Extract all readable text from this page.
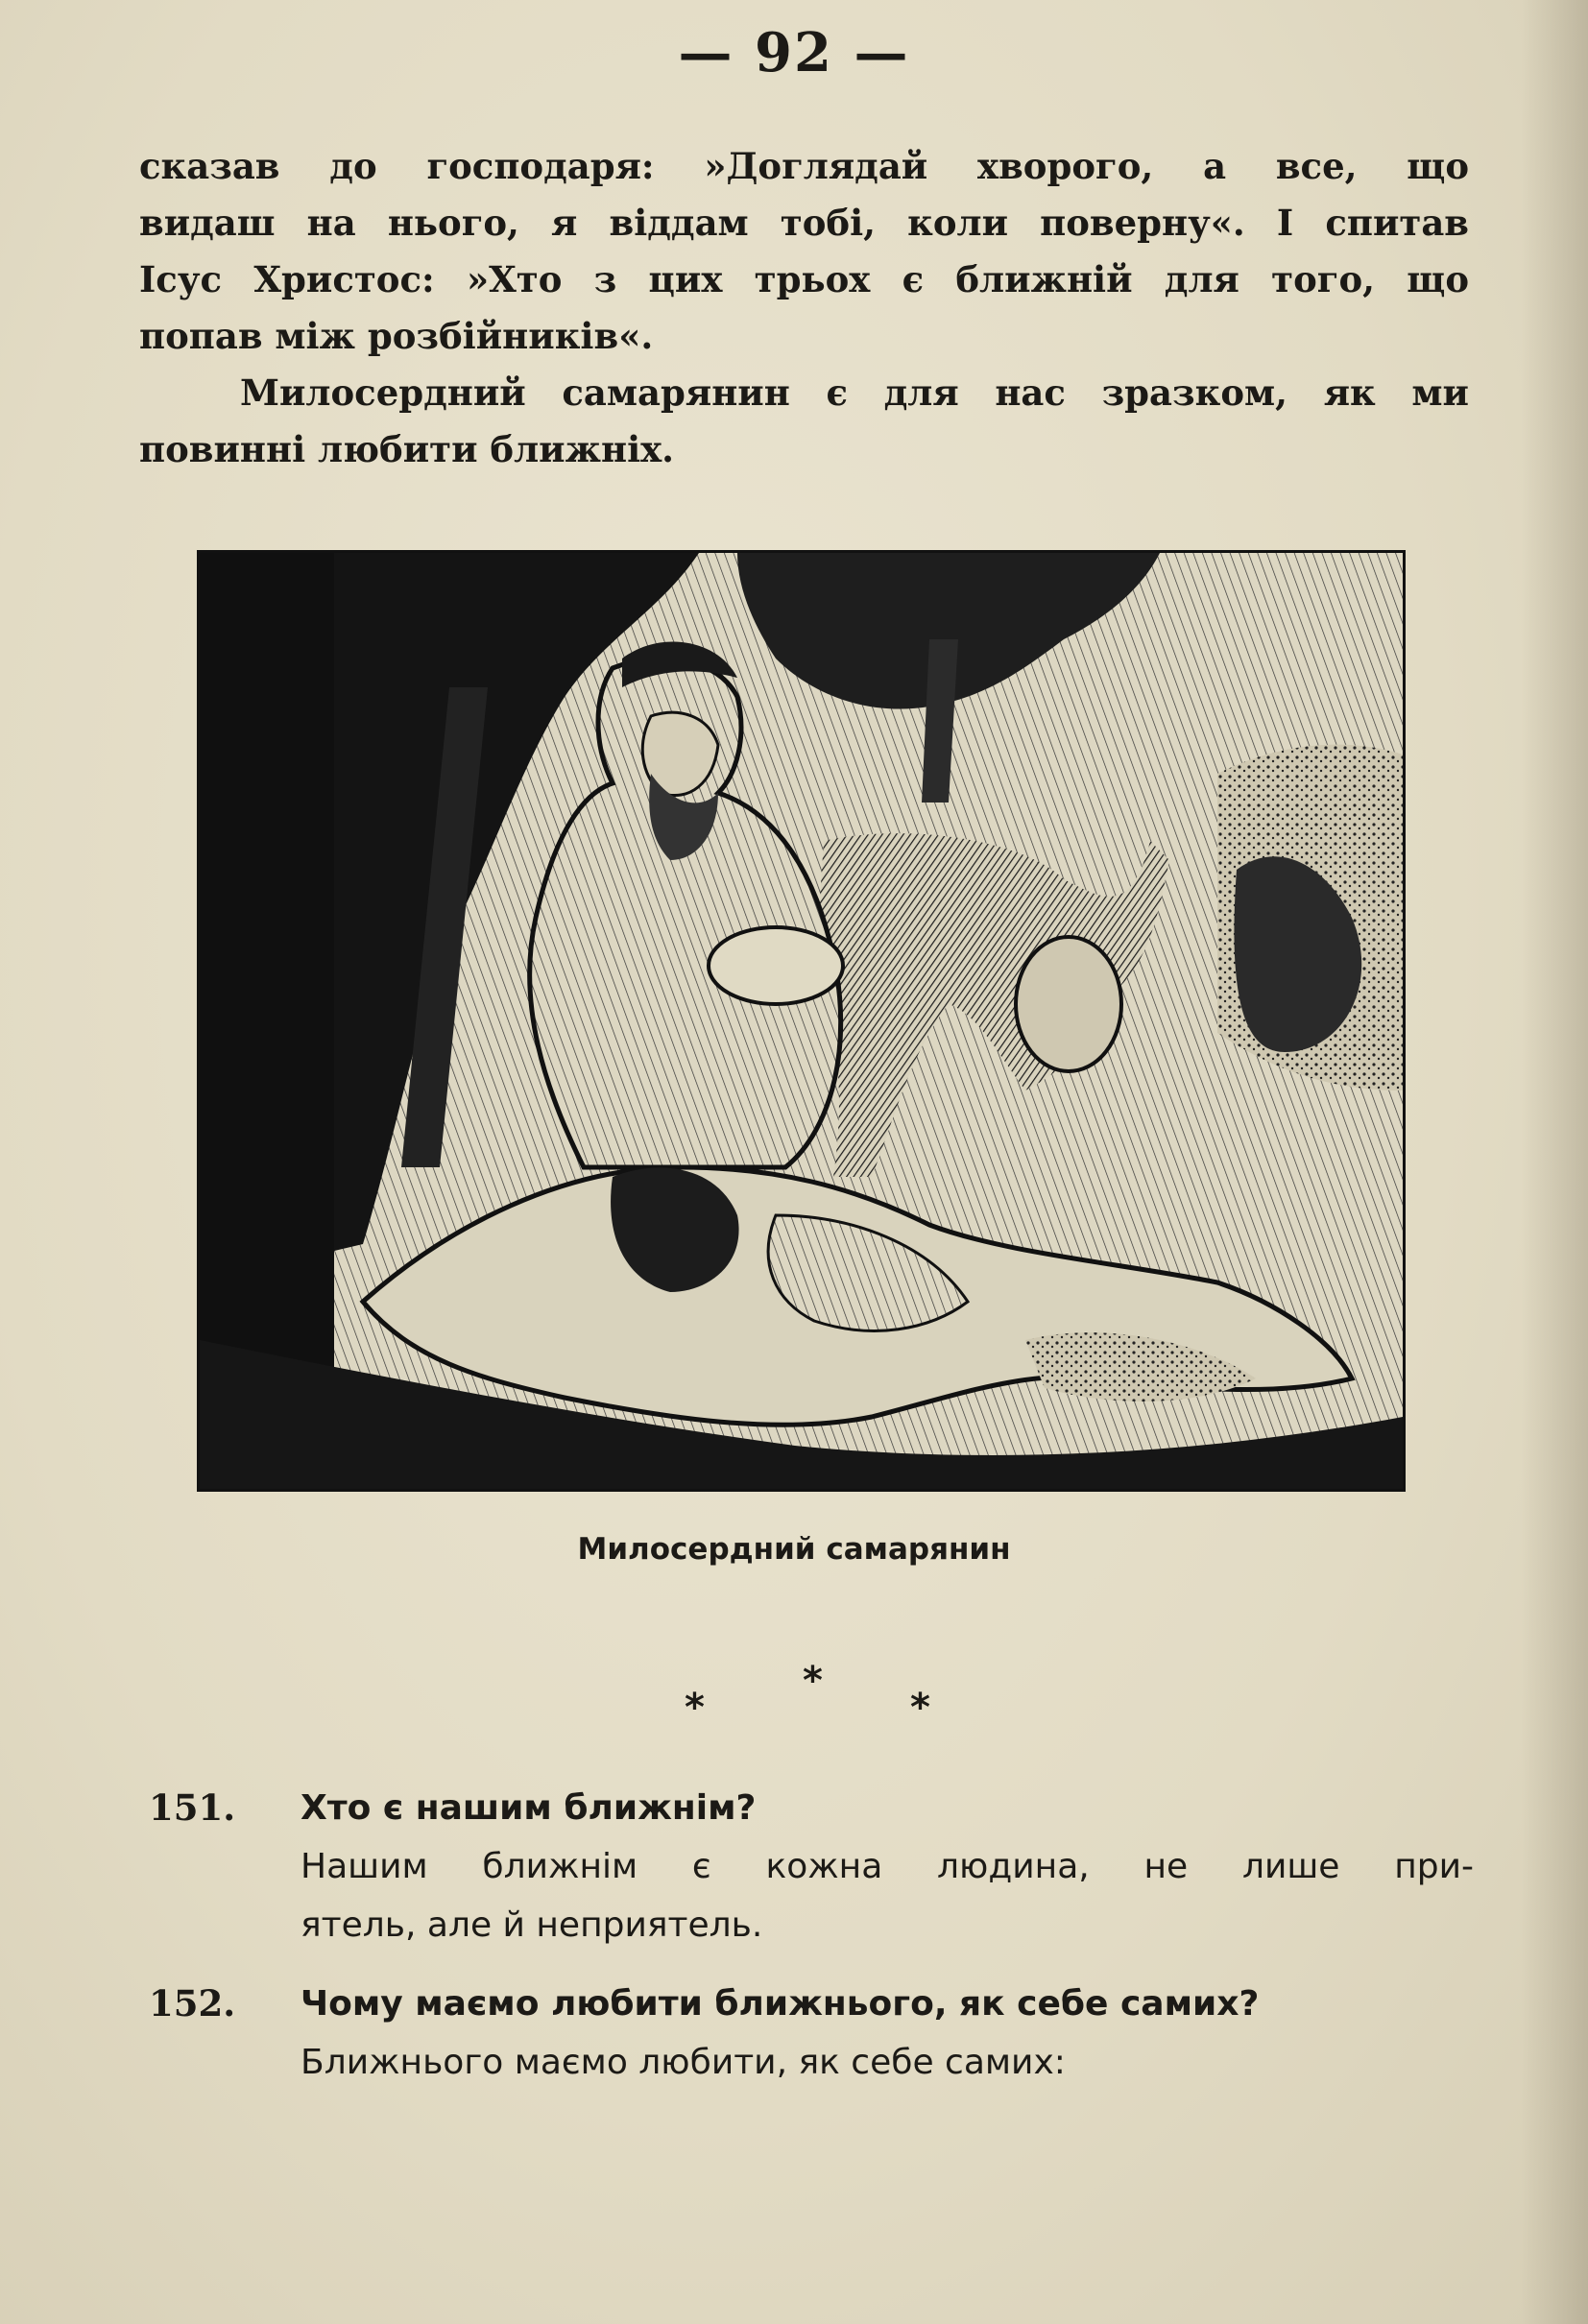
— 92 —
сказав до господаря: »Доглядай хворого, а все, що
видаш на нього, я віддам тобі, коли поверну«. І спитав
Ісус Христос: »Хто з цих трьох є ближній для того, що
попав між розбійників«.
Милосердний самарянин є для нас зразком, як ми
повинні любити ближніх.
Милосердний самарянин
*
*
*
151. Хто є нашим ближнім?
Нашим ближнім є кожна людина, не лише при-
ятель, але й неприятель.
152. Чому маємо любити ближнього, як себе самих?
Ближнього маємо любити, як себе самих:
